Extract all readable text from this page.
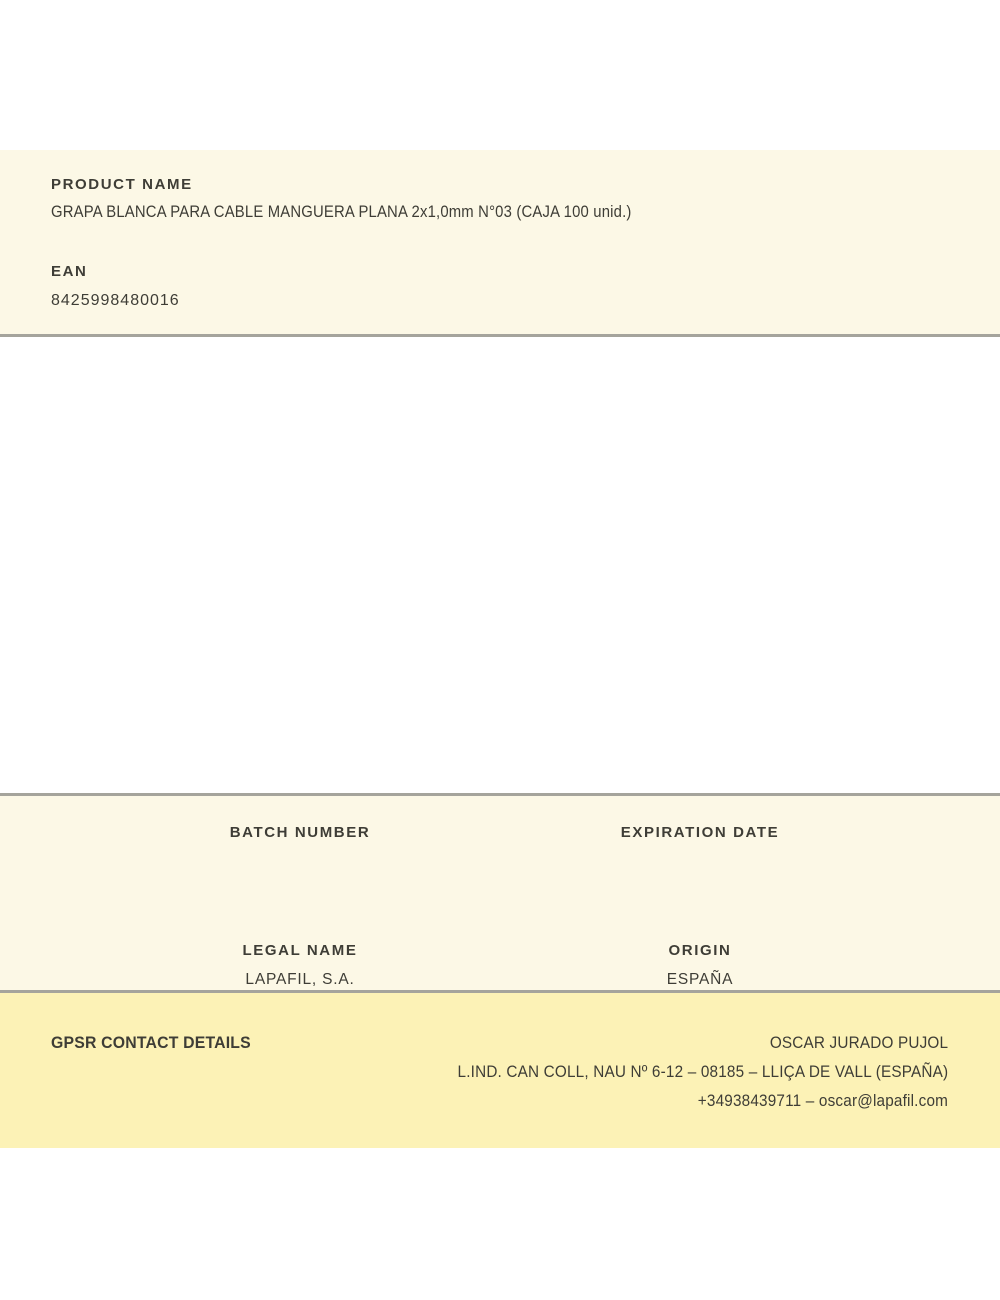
PRODUCT NAME
GRAPA BLANCA PARA CABLE MANGUERA PLANA 2x1,0mm N°03 (CAJA 100 unid.)
EAN
8425998480016
BATCH NUMBER	EXPIRATION DATE
LEGAL NAME
LAPAFIL, S.A.
ORIGIN
ESPAÑA
GPSR CONTACT DETAILS	OSCAR JURADO PUJOL
L.IND. CAN COLL, NAU Nº 6-12 – 08185 – LLIÇA DE VALL (ESPAÑA)
+34938439711 – oscar@lapafil.com
